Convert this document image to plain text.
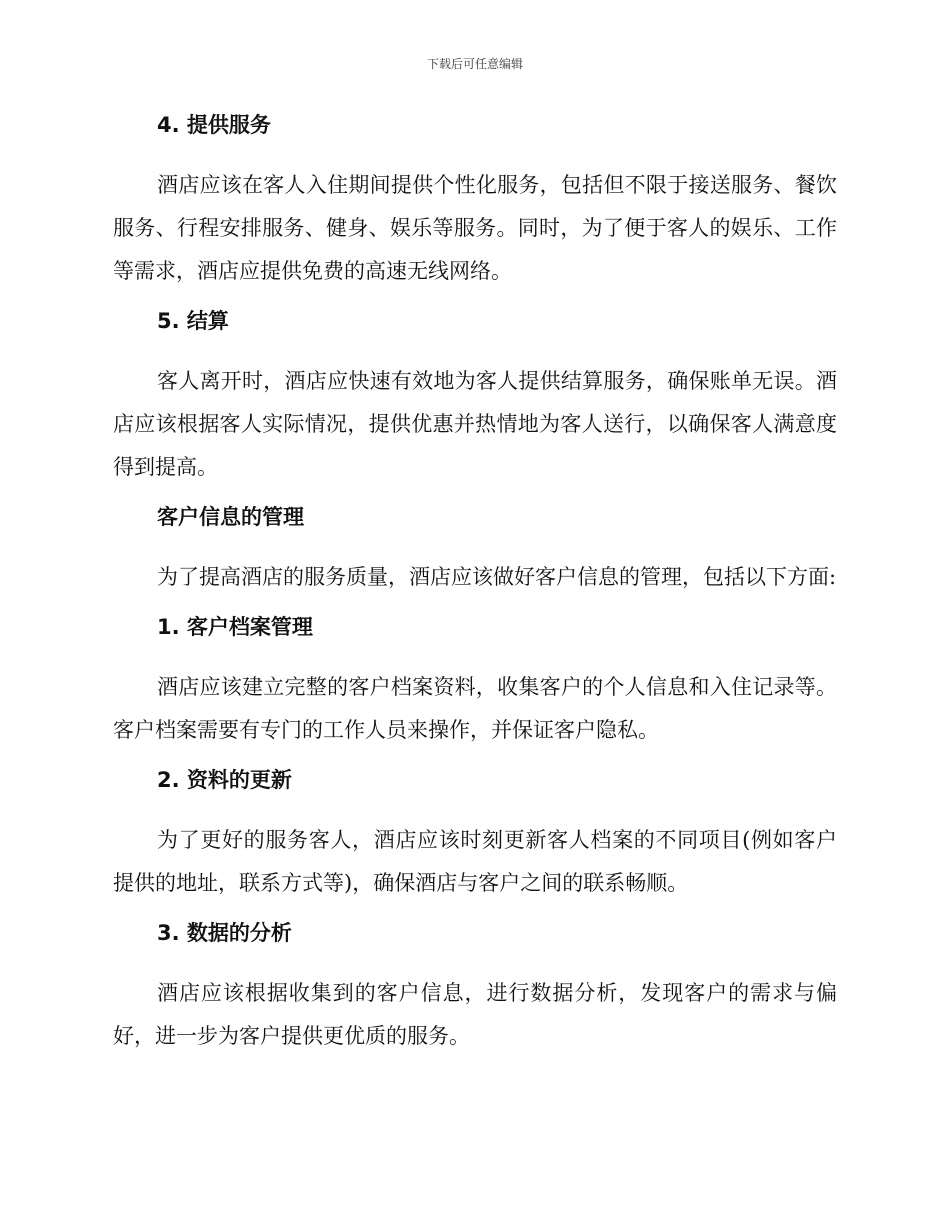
下载后可任意编辑
4. 提供服务
酒店应该在客人入住期间提供个性化服务，包括但不限于接送服务、餐饮服务、行程安排服务、健身、娱乐等服务。同时，为了便于客人的娱乐、工作等需求，酒店应提供免费的高速无线网络。
5. 结算
客人离开时，酒店应快速有效地为客人提供结算服务，确保账单无误。酒店应该根据客人实际情况，提供优惠并热情地为客人送行，以确保客人满意度得到提高。
客户信息的管理
为了提高酒店的服务质量，酒店应该做好客户信息的管理，包括以下方面:
1. 客户档案管理
酒店应该建立完整的客户档案资料，收集客户的个人信息和入住记录等。客户档案需要有专门的工作人员来操作，并保证客户隐私。
2. 资料的更新
为了更好的服务客人，酒店应该时刻更新客人档案的不同项目(例如客户提供的地址，联系方式等)，确保酒店与客户之间的联系畅顺。
3. 数据的分析
酒店应该根据收集到的客户信息，进行数据分析，发现客户的需求与偏好，进一步为客户提供更优质的服务。
